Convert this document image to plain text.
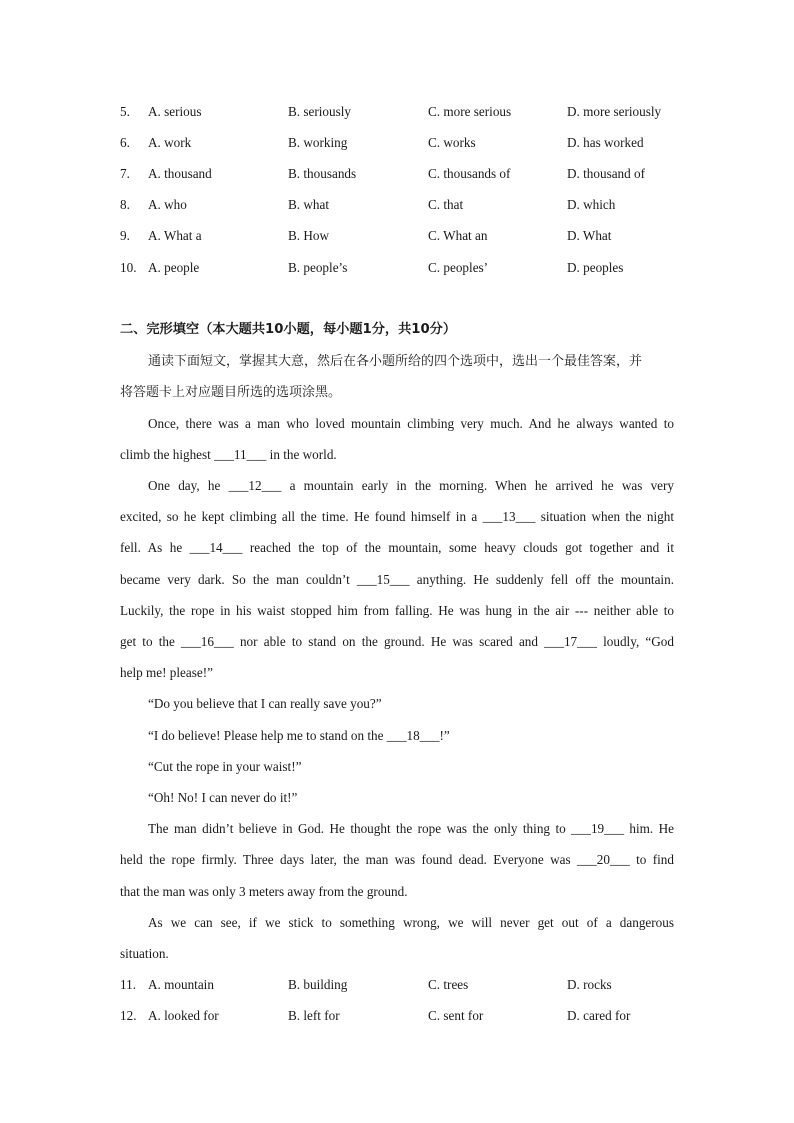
5. A. serious	B. seriously	C. more serious	D. more seriously
6. A. work	B. working	C. works	D. has worked
7. A. thousand	B. thousands	C. thousands of	D. thousand of
8. A. who	B. what	C. that	D. which
9. A. What a	B. How	C. What an	D. What
10. A. people	B. people’s	C. peoples’	D. peoples
二、完形填空（本大题共10小题，每小题1分，共10分）
通读下面短文，掌握其大意，然后在各小题所给的四个选项中，选出一个最佳答案，并
将答题卡上对应题目所选的选项涂黑。
Once, there was a man who loved mountain climbing very much. And he always wanted to
climb the highest ___11___ in the world.
One day, he ___12___ a mountain early in the morning. When he arrived he was very
excited, so he kept climbing all the time. He found himself in a ___13___ situation when the night
fell. As he ___14___ reached the top of the mountain, some heavy clouds got together and it
became very dark. So the man couldn’t ___15___ anything. He suddenly fell off the mountain.
Luckily, the rope in his waist stopped him from falling. He was hung in the air --- neither able to
get to the ___16___ nor able to stand on the ground. He was scared and ___17___ loudly, “God
help me! please!”
“Do you believe that I can really save you?”
“I do believe! Please help me to stand on the ___18___!”
“Cut the rope in your waist!”
“Oh! No! I can never do it!”
The man didn’t believe in God. He thought the rope was the only thing to ___19___ him. He
held the rope firmly. Three days later, the man was found dead. Everyone was ___20___ to find
that the man was only 3 meters away from the ground.
As we can see, if we stick to something wrong, we will never get out of a dangerous
situation.
11. A. mountain	B. building	C. trees	D. rocks
12. A. looked for	B. left for	C. sent for	D. cared for
